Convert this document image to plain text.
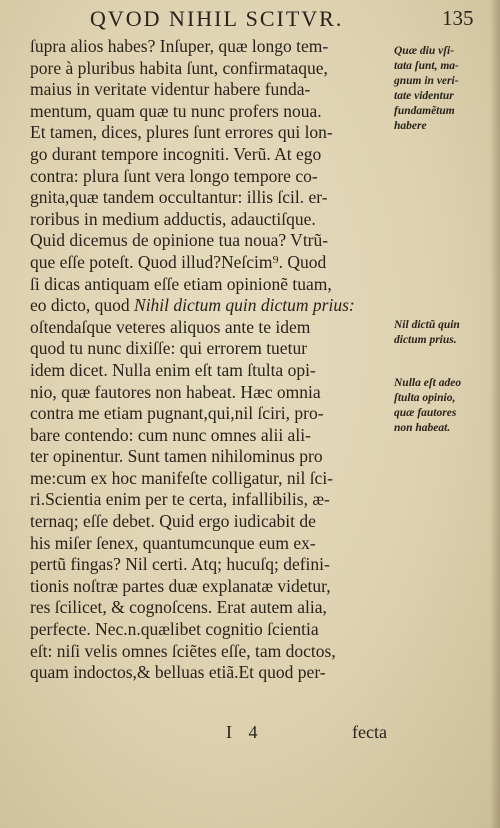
QVOD NIHIL SCITVR.	135
ſupra alios habes? Inſuper, quæ longo tem-
pore à pluribus habita ſunt, confirmataque,
maius in veritate videntur habere funda-
mentum, quam quæ tu nunc profers noua.
Et tamen, dices, plures ſunt errores qui lon-
go durant tempore incogniti. Verũ. At ego
contra: plura ſunt vera longo tempore co-
gnita,quæ tandem occultantur: illis ſcil. er-
roribus in medium adductis, adauctiſque.
Quid dicemus de opinione tua noua? Vtrũ-
que eſſe poteſt. Quod illud?Neſcim⁹. Quod
ſi dicas antiquam eſſe etiam opinionẽ tuam,
eo dicto, quod Nihil dictum quin dictum prius:
oſtendaſque veteres aliquos ante te idem
quod tu nunc dixiſſe: qui errorem tuetur
idem dicet. Nulla enim eſt tam ſtulta opi-
nio, quæ fautores non habeat. Hæc omnia
contra me etiam pugnant,qui,nil ſciri, pro-
bare contendo: cum nunc omnes alii ali-
ter opinentur. Sunt tamen nihilominus pro
me:cum ex hoc manifeſte colligatur, nil ſci-
ri.Scientia enim per te certa, infallibilis, æ-
ternaq; eſſe debet. Quid ergo iudicabit de
his miſer ſenex, quantumcunque eum ex-
pertũ fingas? Nil certi. Atq; hucuſq; defini-
tionis noſtræ partes duæ explanatæ videtur,
res ſcilicet, & cognoſcens. Erat autem alia,
perfecte. Nec.n.quælibet cognitio ſcientia
eſt: niſi velis omnes ſciẽtes eſſe, tam doctos,
quam indoctos,& belluas etiã.Et quod per-
Quæ diu vſi-
tata ſunt, ma-
gnum in veri-
tate videntur
fundamẽtum
habere
Nil dictũ quin
dictum prius.
Nulla eſt adeo
ſtulta opinio,
quæ fautores
non habeat.
I 4	fecta
